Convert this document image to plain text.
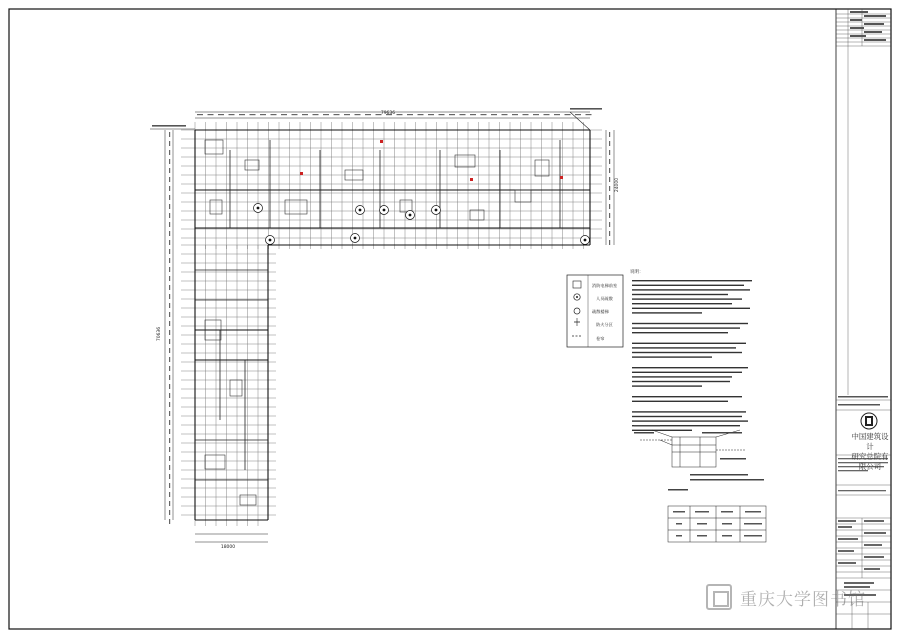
消防电梯前室
人员疏散
疏散楼梯
防火分区
卷帘
说明：
79636
70636
18000
24000
中国建筑设计
研究总院有限公司
重庆大学图书馆
